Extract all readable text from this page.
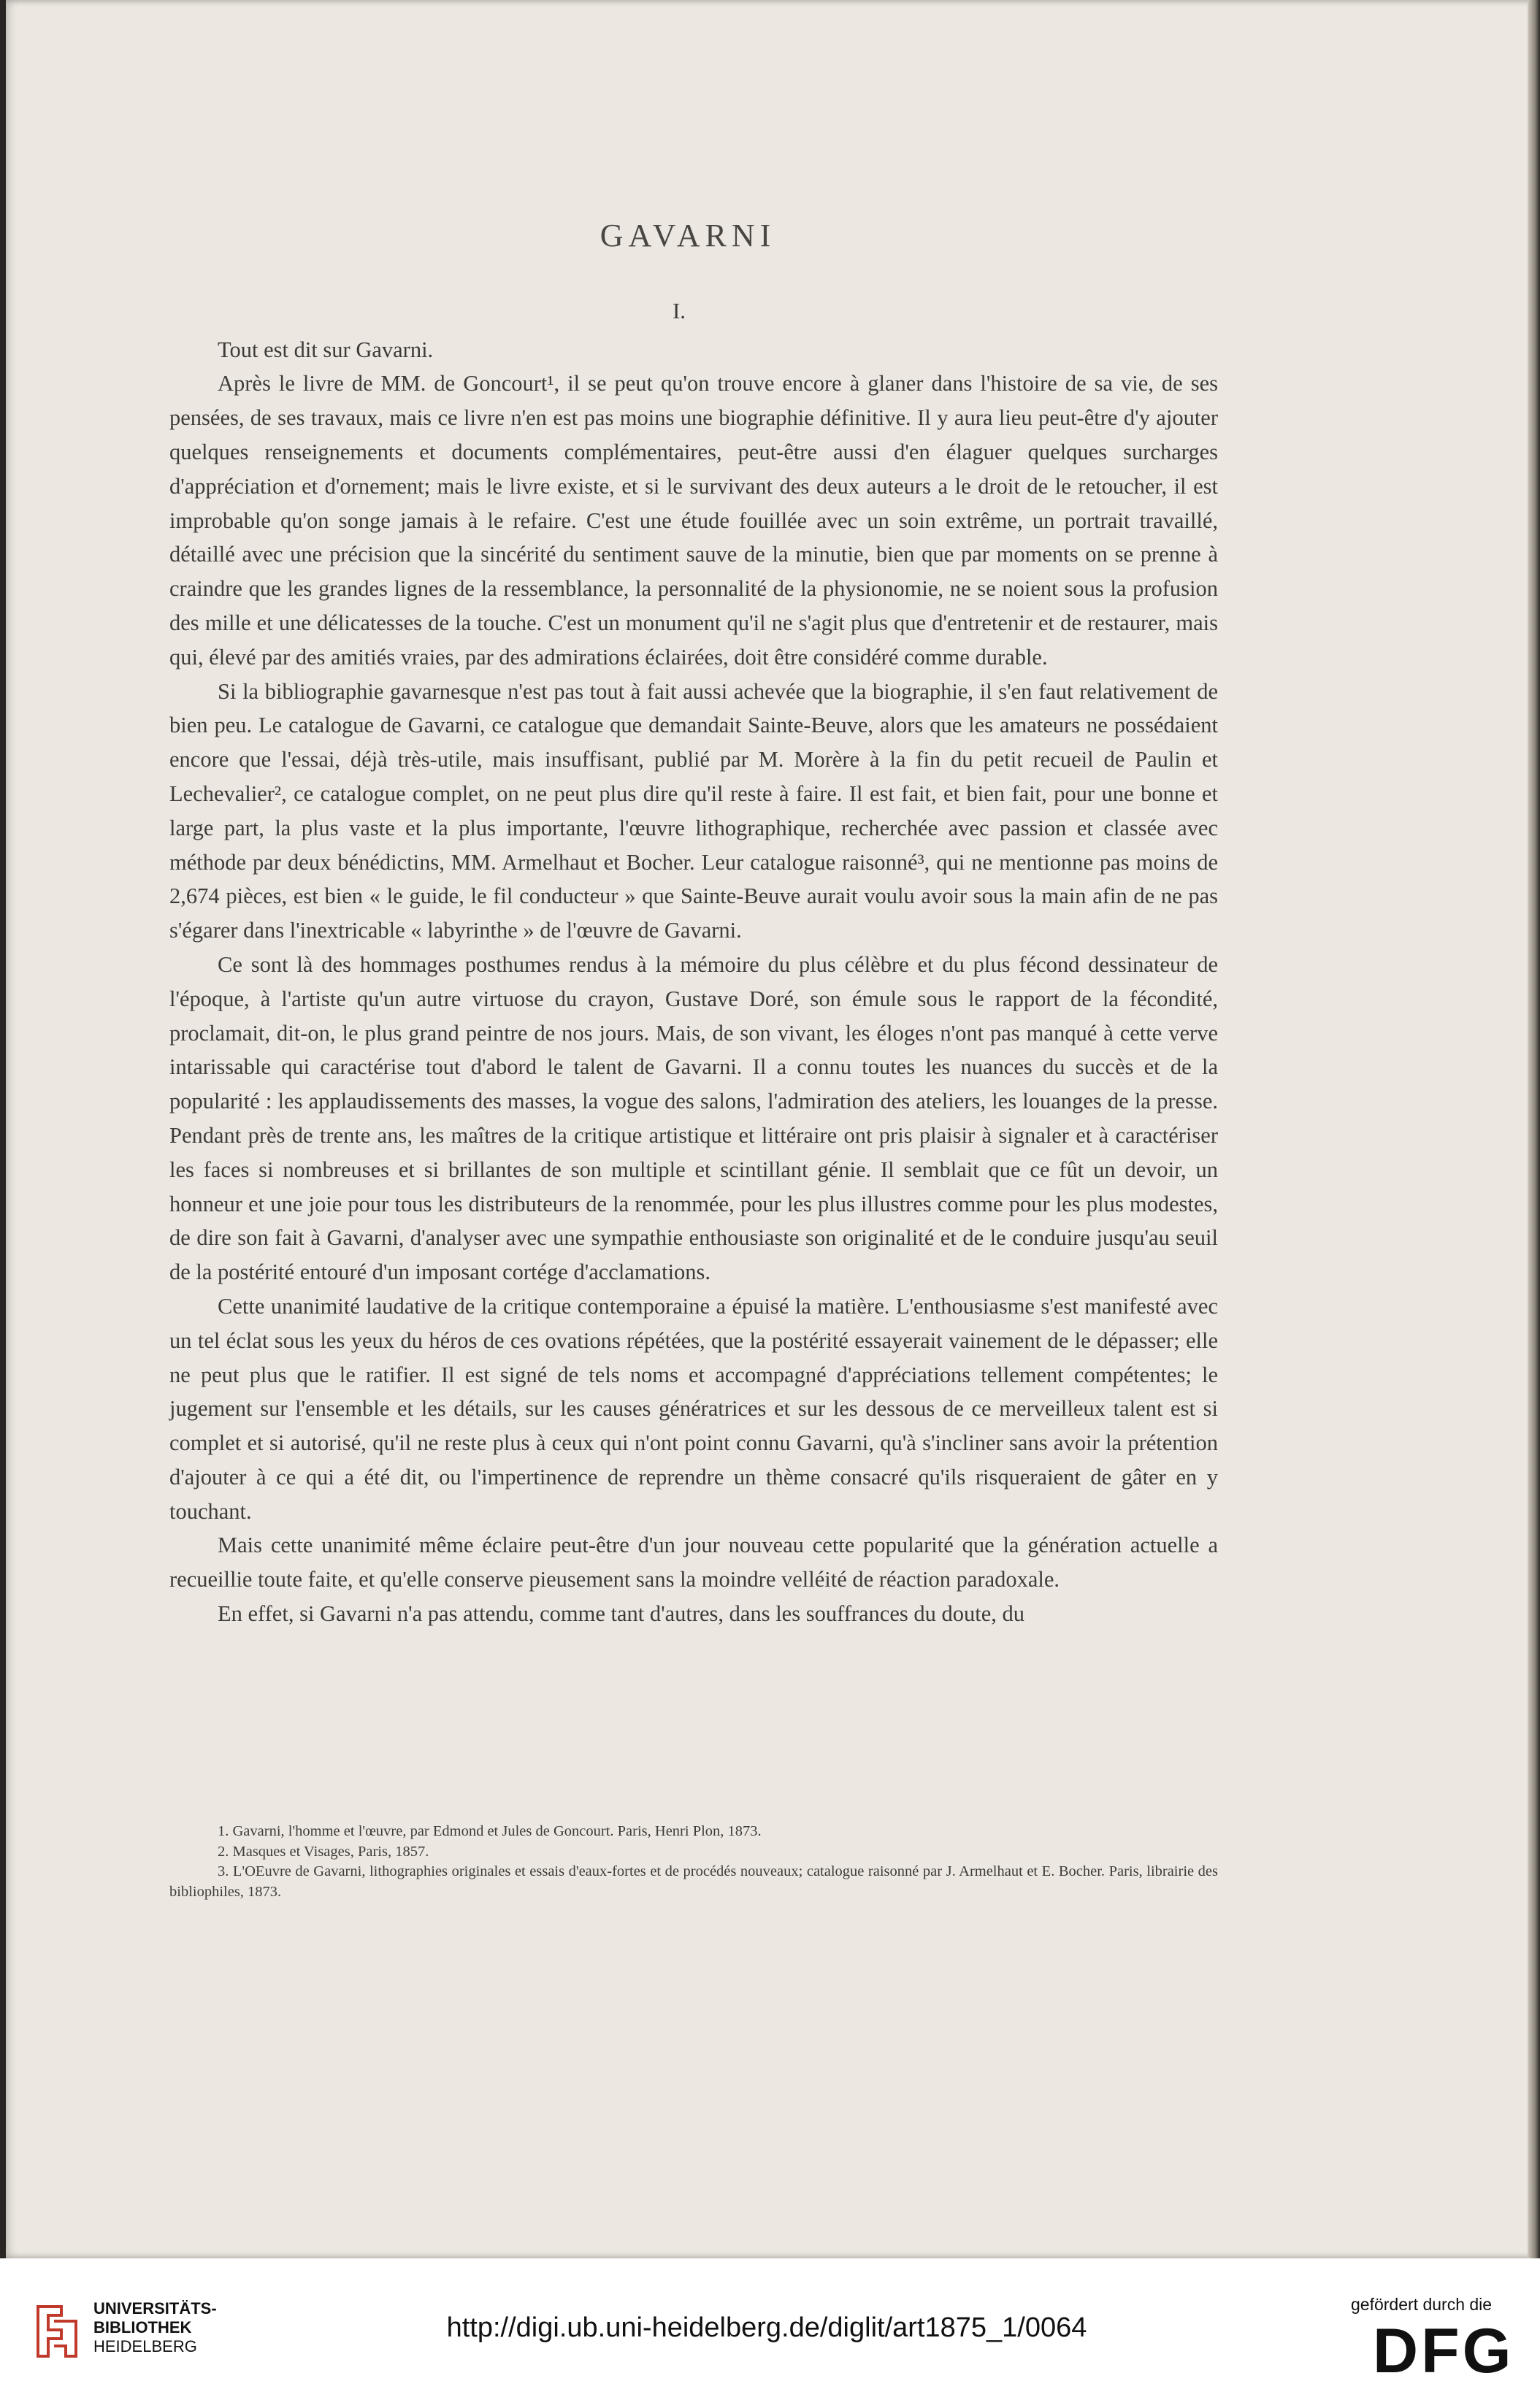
GAVARNI
I.

Tout est dit sur Gavarni.

Après le livre de MM. de Goncourt¹, il se peut qu'on trouve encore à glaner dans l'histoire de sa vie, de ses pensées, de ses travaux, mais ce livre n'en est pas moins une biographie définitive. Il y aura lieu peut-être d'y ajouter quelques renseignements et documents complémentaires, peut-être aussi d'en élaguer quelques surcharges d'appréciation et d'ornement; mais le livre existe, et si le survivant des deux auteurs a le droit de le retoucher, il est improbable qu'on songe jamais à le refaire. C'est une étude fouillée avec un soin extrême, un portrait travaillé, détaillé avec une précision que la sincérité du sentiment sauve de la minutie, bien que par moments on se prenne à craindre que les grandes lignes de la ressemblance, la personnalité de la physionomie, ne se noient sous la profusion des mille et une délicatesses de la touche. C'est un monument qu'il ne s'agit plus que d'entretenir et de restaurer, mais qui, élevé par des amitiés vraies, par des admirations éclairées, doit être considéré comme durable.

Si la bibliographie gavarnesque n'est pas tout à fait aussi achevée que la biographie, il s'en faut relativement de bien peu. Le catalogue de Gavarni, ce catalogue que demandait Sainte-Beuve, alors que les amateurs ne possédaient encore que l'essai, déjà très-utile, mais insuffisant, publié par M. Morère à la fin du petit recueil de Paulin et Lechevalier², ce catalogue complet, on ne peut plus dire qu'il reste à faire. Il est fait, et bien fait, pour une bonne et large part, la plus vaste et la plus importante, l'œuvre lithographique, recherchée avec passion et classée avec méthode par deux bénédictins, MM. Armelhaut et Bocher. Leur catalogue raisonné³, qui ne mentionne pas moins de 2,674 pièces, est bien « le guide, le fil conducteur » que Sainte-Beuve aurait voulu avoir sous la main afin de ne pas s'égarer dans l'inextricable « labyrinthe » de l'œuvre de Gavarni.

Ce sont là des hommages posthumes rendus à la mémoire du plus célèbre et du plus fécond dessinateur de l'époque, à l'artiste qu'un autre virtuose du crayon, Gustave Doré, son émule sous le rapport de la fécondité, proclamait, dit-on, le plus grand peintre de nos jours. Mais, de son vivant, les éloges n'ont pas manqué à cette verve intarissable qui caractérise tout d'abord le talent de Gavarni. Il a connu toutes les nuances du succès et de la popularité : les applaudissements des masses, la vogue des salons, l'admiration des ateliers, les louanges de la presse. Pendant près de trente ans, les maîtres de la critique artistique et littéraire ont pris plaisir à signaler et à caractériser les faces si nombreuses et si brillantes de son multiple et scintillant génie. Il semblait que ce fût un devoir, un honneur et une joie pour tous les distributeurs de la renommée, pour les plus illustres comme pour les plus modestes, de dire son fait à Gavarni, d'analyser avec une sympathie enthousiaste son originalité et de le conduire jusqu'au seuil de la postérité entouré d'un imposant cortége d'acclamations.

Cette unanimité laudative de la critique contemporaine a épuisé la matière. L'enthousiasme s'est manifesté avec un tel éclat sous les yeux du héros de ces ovations répétées, que la postérité essayerait vainement de le dépasser; elle ne peut plus que le ratifier. Il est signé de tels noms et accompagné d'appréciations tellement compétentes; le jugement sur l'ensemble et les détails, sur les causes génératrices et sur les dessous de ce merveilleux talent est si complet et si autorisé, qu'il ne reste plus à ceux qui n'ont point connu Gavarni, qu'à s'incliner sans avoir la prétention d'ajouter à ce qui a été dit, ou l'impertinence de reprendre un thème consacré qu'ils risqueraient de gâter en y touchant.

Mais cette unanimité même éclaire peut-être d'un jour nouveau cette popularité que la génération actuelle a recueillie toute faite, et qu'elle conserve pieusement sans la moindre velléité de réaction paradoxale.

En effet, si Gavarni n'a pas attendu, comme tant d'autres, dans les souffrances du doute, du

1. Gavarni, l'homme et l'œuvre, par Edmond et Jules de Goncourt. Paris, Henri Plon, 1873.

2. Masques et Visages, Paris, 1857.

3. L'OEuvre de Gavarni, lithographies originales et essais d'eaux-fortes et de procédés nouveaux; catalogue raisonné par J. Armelhaut et E. Bocher. Paris, librairie des bibliophiles, 1873.

UNIVERSITÄTS-
BIBLIOTHEK
HEIDELBERG
http://digi.ub.uni-heidelberg.de/diglit/art1875_1/0064
gefördert durch die
DFG
